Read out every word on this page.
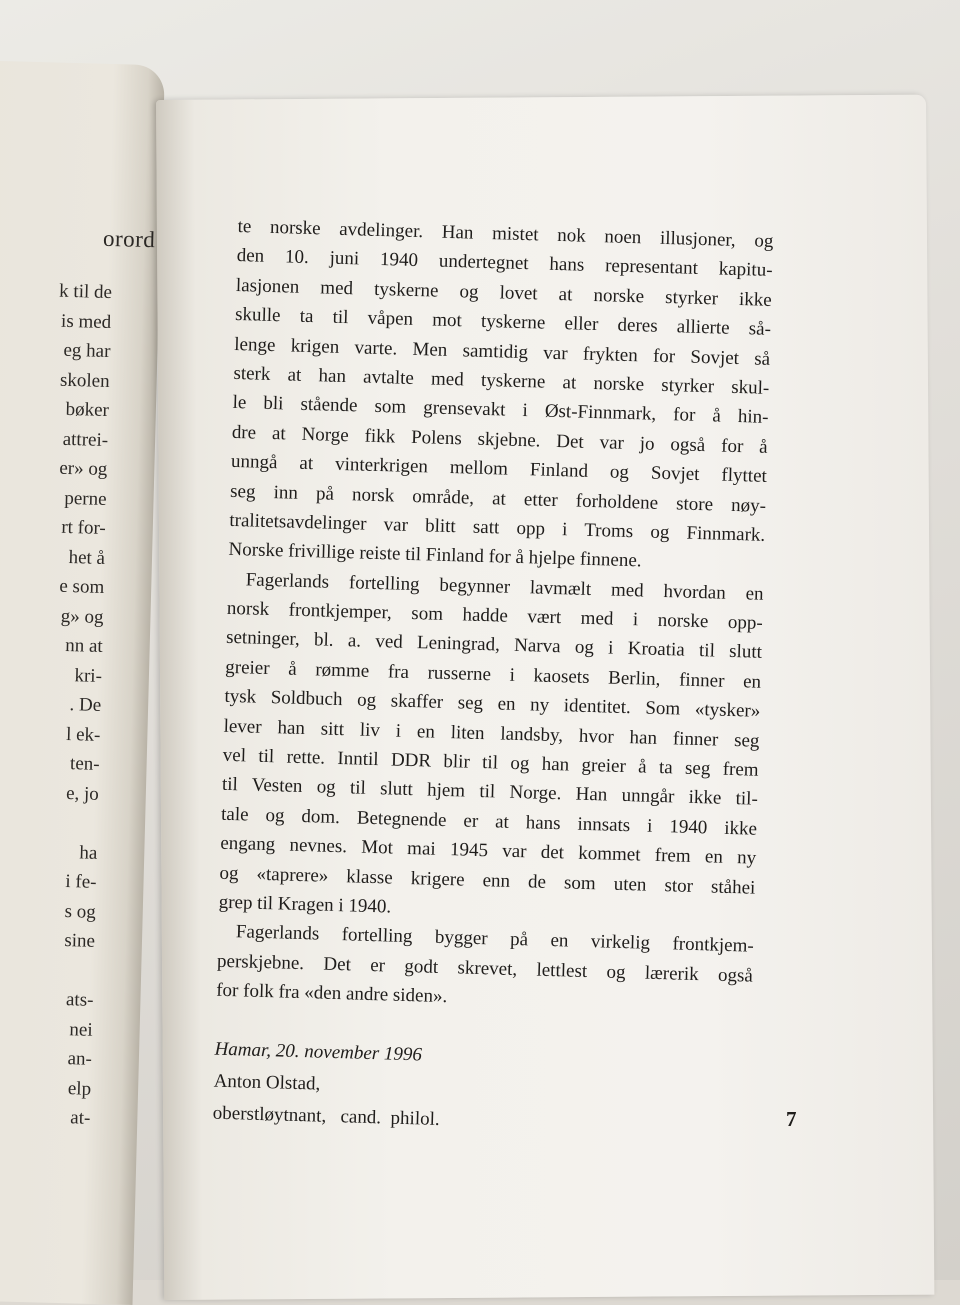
orord
k til de
is med
eg har
skolen
bøker
attrei-
er» og
perne
rt for-
het å
e som
g» og
nn at
kri-
. De
l ek-
ten-
e, jo
ha
i fe-
s og
sine
ats-
nei
an-
elp
at-
te norske avdelinger. Han mistet nok noen illusjoner, og
den 10. juni 1940 undertegnet hans representant kapitu-
lasjonen med tyskerne og lovet at norske styrker ikke
skulle ta til våpen mot tyskerne eller deres allierte så-
lenge krigen varte. Men samtidig var frykten for Sovjet så
sterk at han avtalte med tyskerne at norske styrker skul-
le bli stående som grensevakt i Øst-Finnmark, for å hin-
dre at Norge fikk Polens skjebne. Det var jo også for å
unngå at vinterkrigen mellom Finland og Sovjet flyttet
seg inn på norsk område, at etter forholdene store nøy-
tralitetsavdelinger var blitt satt opp i Troms og Finnmark.
Norske frivillige reiste til Finland for å hjelpe finnene.
Fagerlands fortelling begynner lavmælt med hvordan en
norsk frontkjemper, som hadde vært med i norske opp-
setninger, bl. a. ved Leningrad, Narva og i Kroatia til slutt
greier å rømme fra russerne i kaosets Berlin, finner en
tysk Soldbuch og skaffer seg en ny identitet. Som «tysker»
lever han sitt liv i en liten landsby, hvor han finner seg
vel til rette. Inntil DDR blir til og han greier å ta seg frem
til Vesten og til slutt hjem til Norge. Han unngår ikke til-
tale og dom. Betegnende er at hans innsats i 1940 ikke
engang nevnes. Mot mai 1945 var det kommet frem en ny
og «taprere» klasse krigere enn de som uten stor ståhei
grep til Kragen i 1940.
Fagerlands fortelling bygger på en virkelig frontkjem-
perskjebne. Det er godt skrevet, lettlest og lærerik også
for folk fra «den andre siden».
Hamar, 20. november 1996
Anton Olstad,
oberstløytnant,   cand.  philol.	7
